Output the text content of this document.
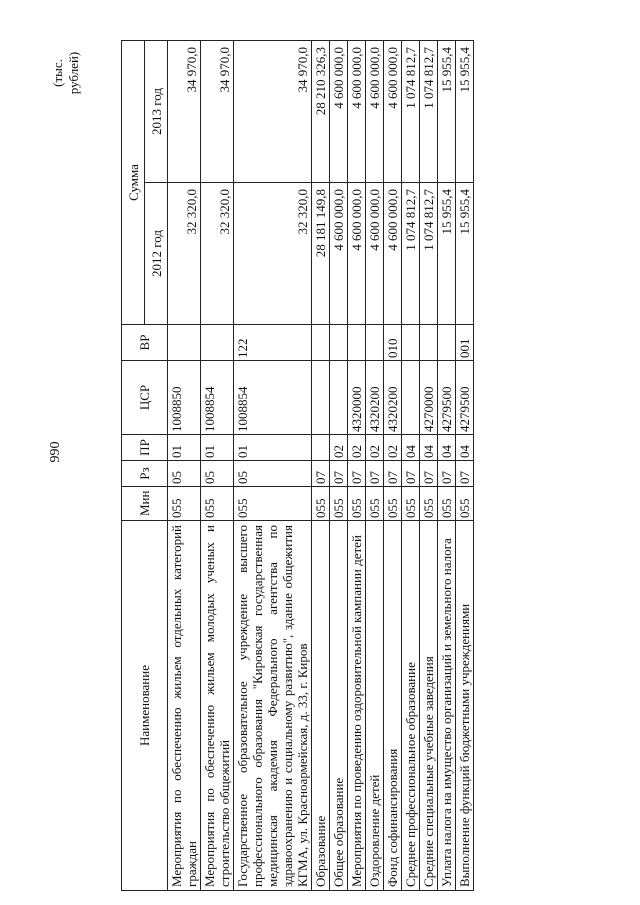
990
(тыс. рублей)
Наименование	Мин	Рз	ПР	ЦСР	ВР	Сумма	
						2012 год	2013 год
Мероприятия по обеспечению жильем отдельных категорий граждан	055	05	01	1008850		32 320,0	34 970,0
Мероприятия по обеспечению жильем молодых ученых и строительство общежитий	055	05	01	1008854		32 320,0	34 970,0
Государственное образовательное учреждение высшего профессионального образования "Кировская государственная медицинская академия Федерального агентства по здравоохранению и социальному развитию", здание общежития КГМА, ул. Красноармейская, д. 33, г. Киров	055	05	01	1008854	122	32 320,0	34 970,0
Образование	055	07				28 181 149,8	28 210 326,3
Общее образование	055	07	02			4 600 000,0	4 600 000,0
Мероприятия по проведению оздоровительной кампании детей	055	07	02	4320000		4 600 000,0	4 600 000,0
Оздоровление детей	055	07	02	4320200		4 600 000,0	4 600 000,0
Фонд софинансирования	055	07	02	4320200	010	4 600 000,0	4 600 000,0
Среднее профессиональное образование	055	07	04			1 074 812,7	1 074 812,7
Средние специальные учебные заведения	055	07	04	4270000		1 074 812,7	1 074 812,7
Уплата налога на имущество организаций и земельного налога	055	07	04	4279500		15 955,4	15 955,4
Выполнение функций бюджетными учреждениями	055	07	04	4279500	001	15 955,4	15 955,4
